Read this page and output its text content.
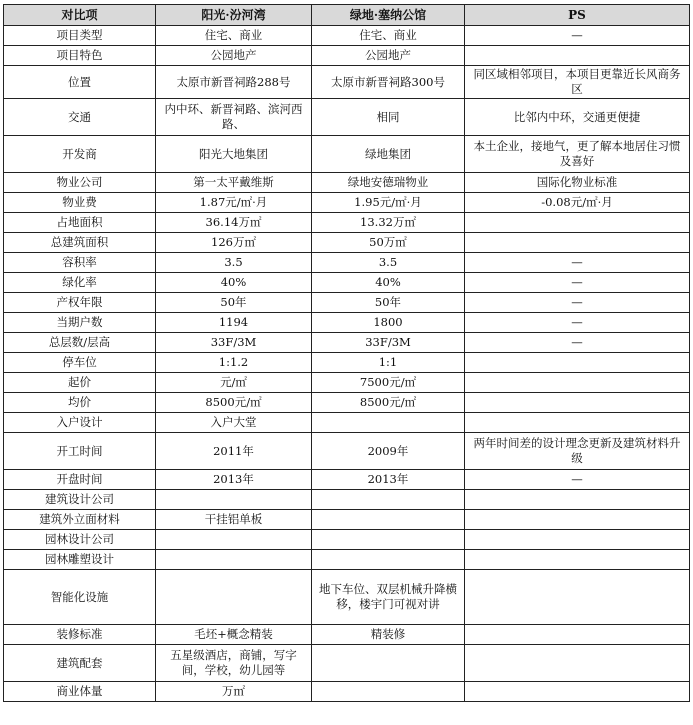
对比项	阳光·汾河湾	绿地·塞纳公馆	PS
项目类型	住宅、商业	住宅、商业	—
项目特色	公园地产	公园地产	
位置	太原市新晋祠路288号	太原市新晋祠路300号	同区域相邻项目，本项目更靠近长风商务区
交通	内中环、新晋祠路、滨河西路、	相同	比邻内中环，交通更便捷
开发商	阳光大地集团	绿地集团	本土企业，接地气，更了解本地居住习惯及喜好
物业公司	第一太平戴维斯	绿地安德瑞物业	国际化物业标准
物业费	1.87元/㎡·月	1.95元/㎡·月	-0.08元/㎡·月
占地面积	36.14万㎡	13.32万㎡	
总建筑面积	126万㎡	50万㎡	
容积率	3.5	3.5	—
绿化率	40%	40%	—
产权年限	50年	50年	—
当期户数	1194	1800	—
总层数/层高	33F/3M	33F/3M	—
停车位	1:1.2	1:1	
起价	元/㎡	7500元/㎡	
均价	8500元/㎡	8500元/㎡	
入户设计	入户大堂		
开工时间	2011年	2009年	两年时间差的设计理念更新及建筑材料升级
开盘时间	2013年	2013年	—
建筑设计公司			
建筑外立面材料	干挂铝单板		
园林设计公司			
园林雕塑设计			
智能化设施		地下车位、双层机械升降横移，楼宇门可视对讲	
装修标准	毛坯+概念精装	精装修	
建筑配套	五星级酒店，商铺，写字间，学校，幼儿园等		
商业体量	万㎡		
